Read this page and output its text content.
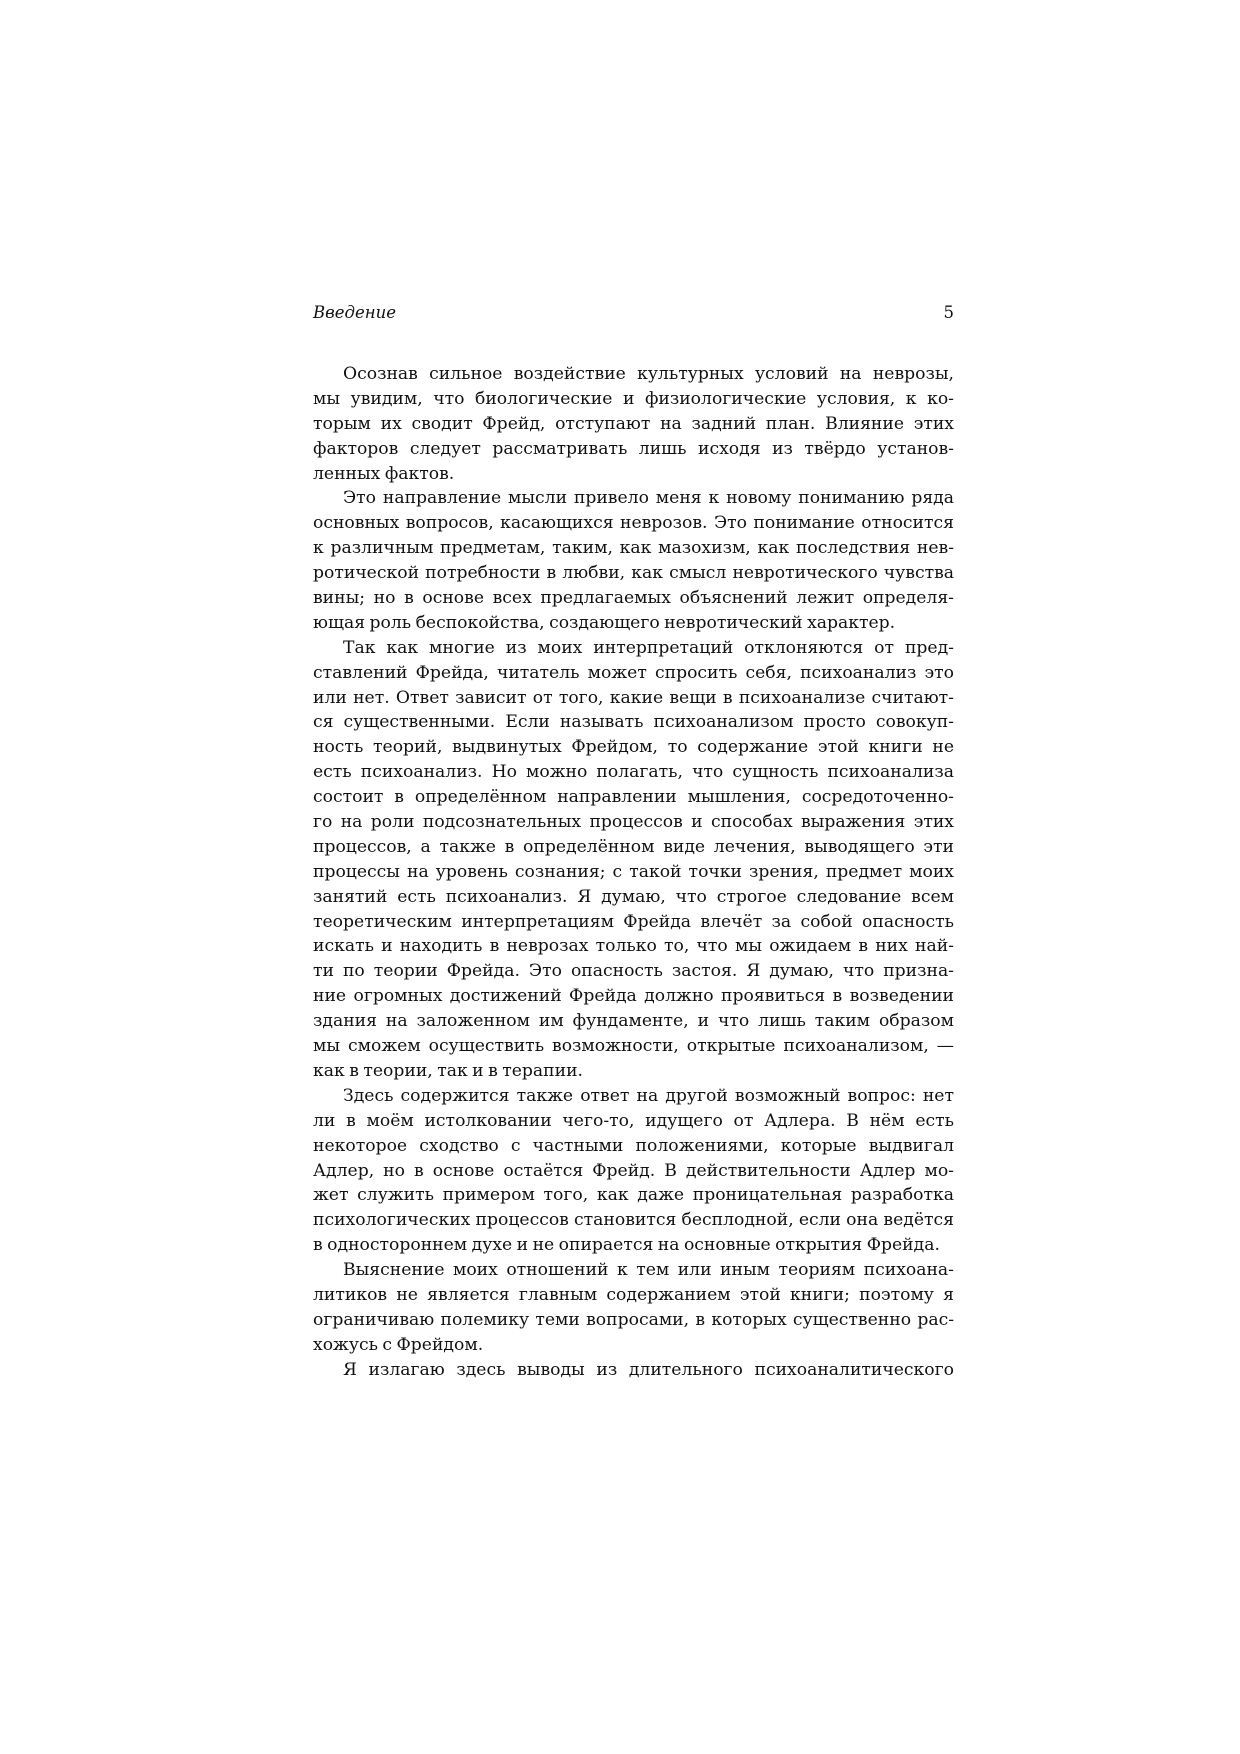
Введение	5
Осознав сильное воздействие культурных условий на неврозы,
мы увидим, что биологические и физиологические условия, к ко-
торым их сводит Фрейд, отступают на задний план. Влияние этих
факторов следует рассматривать лишь исходя из твёрдо установ-
ленных фактов.
Это направление мысли привело меня к новому пониманию ряда
основных вопросов, касающихся неврозов. Это понимание относится
к различным предметам, таким, как мазохизм, как последствия нев-
ротической потребности в любви, как смысл невротического чувства
вины; но в основе всех предлагаемых объяснений лежит определя-
ющая роль беспокойства, создающего невротический характер.
Так как многие из моих интерпретаций отклоняются от пред-
ставлений Фрейда, читатель может спросить себя, психоанализ это
или нет. Ответ зависит от того, какие вещи в психоанализе считают-
ся существенными. Если называть психоанализом просто совокуп-
ность теорий, выдвинутых Фрейдом, то содержание этой книги не
есть психоанализ. Но можно полагать, что сущность психоанализа
состоит в определённом направлении мышления, сосредоточенно-
го на роли подсознательных процессов и способах выражения этих
процессов, а также в определённом виде лечения, выводящего эти
процессы на уровень сознания; с такой точки зрения, предмет моих
занятий есть психоанализ. Я думаю, что строгое следование всем
теоретическим интерпретациям Фрейда влечёт за собой опасность
искать и находить в неврозах только то, что мы ожидаем в них най-
ти по теории Фрейда. Это опасность застоя. Я думаю, что призна-
ние огромных достижений Фрейда должно проявиться в возведении
здания на заложенном им фундаменте, и что лишь таким образом
мы сможем осуществить возможности, открытые психоанализом, —
как в теории, так и в терапии.
Здесь содержится также ответ на другой возможный вопрос: нет
ли в моём истолковании чего-то, идущего от Адлера. В нём есть
некоторое сходство с частными положениями, которые выдвигал
Адлер, но в основе остаётся Фрейд. В действительности Адлер мо-
жет служить примером того, как даже проницательная разработка
психологических процессов становится бесплодной, если она ведётся
в одностороннем духе и не опирается на основные открытия Фрейда.
Выяснение моих отношений к тем или иным теориям психоана-
литиков не является главным содержанием этой книги; поэтому я
ограничиваю полемику теми вопросами, в которых существенно рас-
хожусь с Фрейдом.
Я излагаю здесь выводы из длительного психоаналитического
